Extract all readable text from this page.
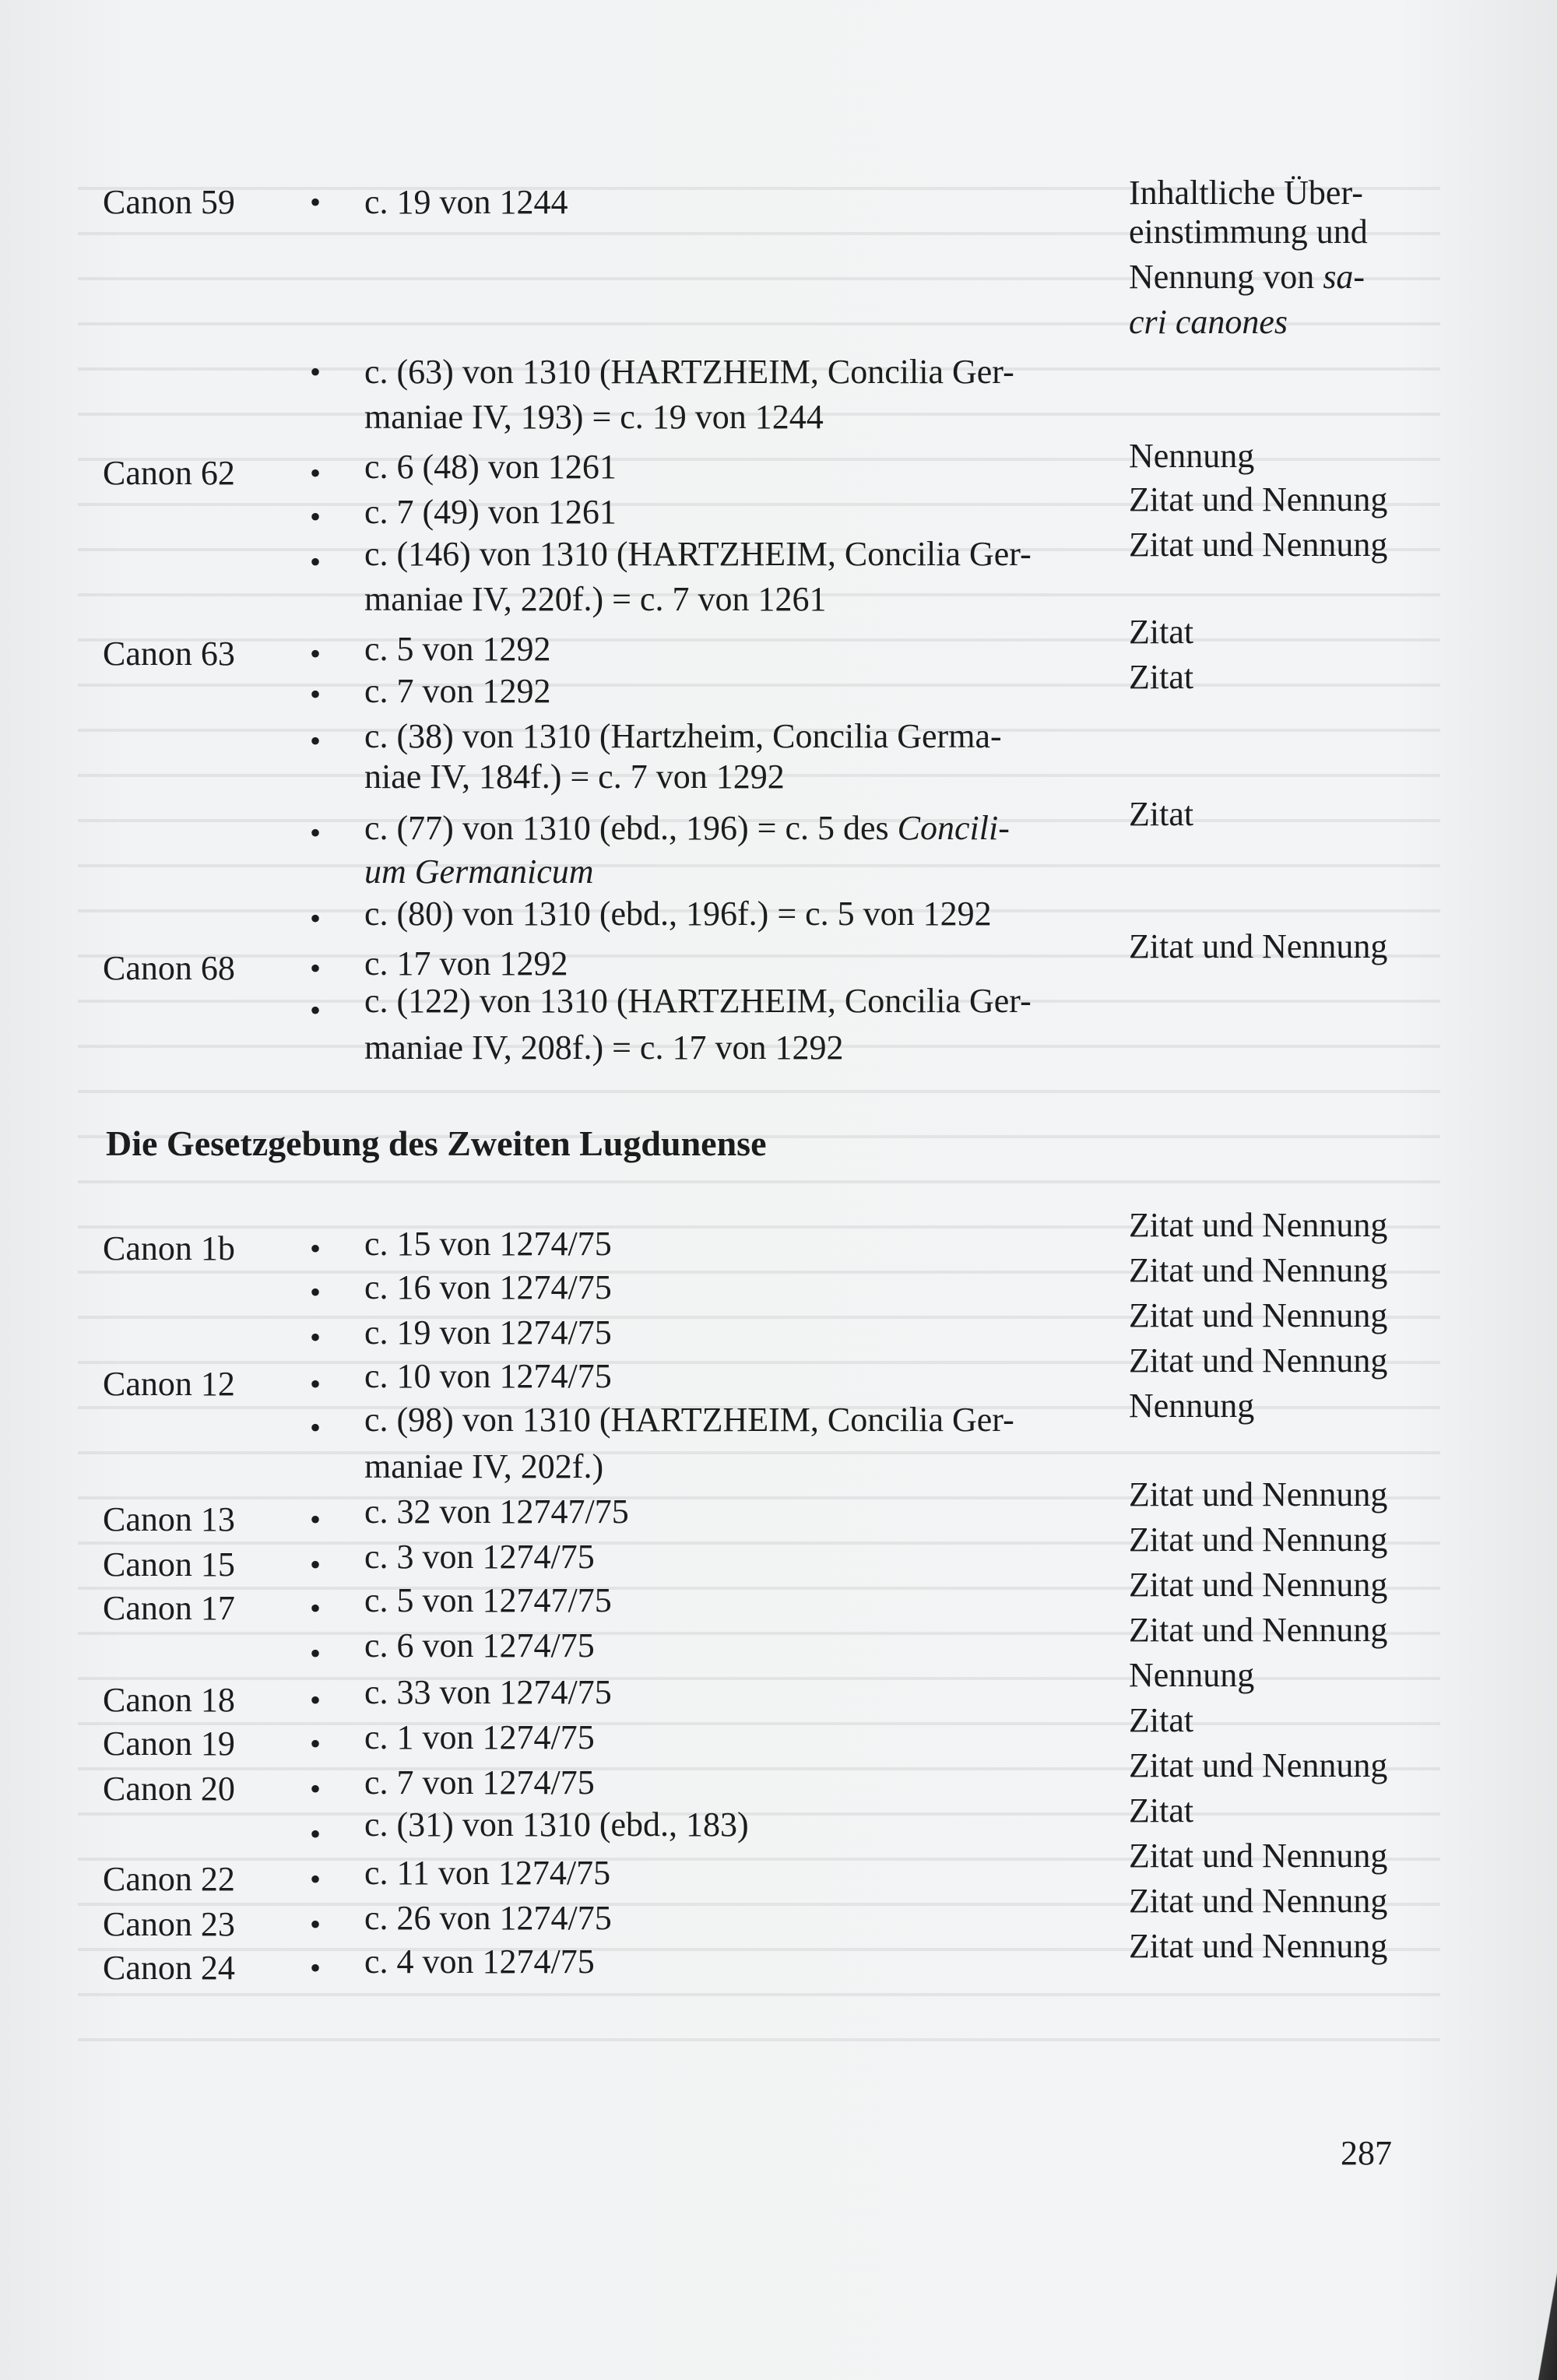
Canon 59 • c. 19 von 1244
• c. (63) von 1310 (HARTZHEIM, Concilia Ger-
maniae IV, 193) = c. 19 von 1244
Canon 62 • c. 6 (48) von 1261
• c. 7 (49) von 1261
• c. (146) von 1310 (HARTZHEIM, Concilia Ger-
maniae IV, 220f.) = c. 7 von 1261
Canon 63 • c. 5 von 1292
• c. 7 von 1292
• c. (38) von 1310 (Hartzheim, Concilia Germa-
niae IV, 184f.) = c. 7 von 1292
• c. (77) von 1310 (ebd., 196) = c. 5 des Concili-
um Germanicum
• c. (80) von 1310 (ebd., 196f.) = c. 5 von 1292
Canon 68 • c. 17 von 1292
• c. (122) von 1310 (HARTZHEIM, Concilia Ger-
maniae IV, 208f.) = c. 17 von 1292
Inhaltliche Über-
einstimmung und
Nennung von sa-
cri canones
Nennung
Zitat und Nennung
Zitat und Nennung
Zitat
Zitat
Zitat
Zitat und Nennung
Die Gesetzgebung des Zweiten Lugdunense
Canon 1b • c. 15 von 1274/75
• c. 16 von 1274/75
• c. 19 von 1274/75
Canon 12 • c. 10 von 1274/75
• c. (98) von 1310 (HARTZHEIM, Concilia Ger-
maniae IV, 202f.)
Canon 13 • c. 32 von 12747/75
Canon 15 • c. 3 von 1274/75
Canon 17 • c. 5 von 12747/75
• c. 6 von 1274/75
Canon 18 • c. 33 von 1274/75
Canon 19 • c. 1 von 1274/75
Canon 20 • c. 7 von 1274/75
• c. (31) von 1310 (ebd., 183)
Canon 22 • c. 11 von 1274/75
Canon 23 • c. 26 von 1274/75
Canon 24 • c. 4 von 1274/75
Zitat und Nennung
Zitat und Nennung
Zitat und Nennung
Zitat und Nennung
Nennung
Zitat und Nennung
Zitat und Nennung
Zitat und Nennung
Zitat und Nennung
Nennung
Zitat
Zitat und Nennung
Zitat
Zitat und Nennung
Zitat und Nennung
Zitat und Nennung
287
